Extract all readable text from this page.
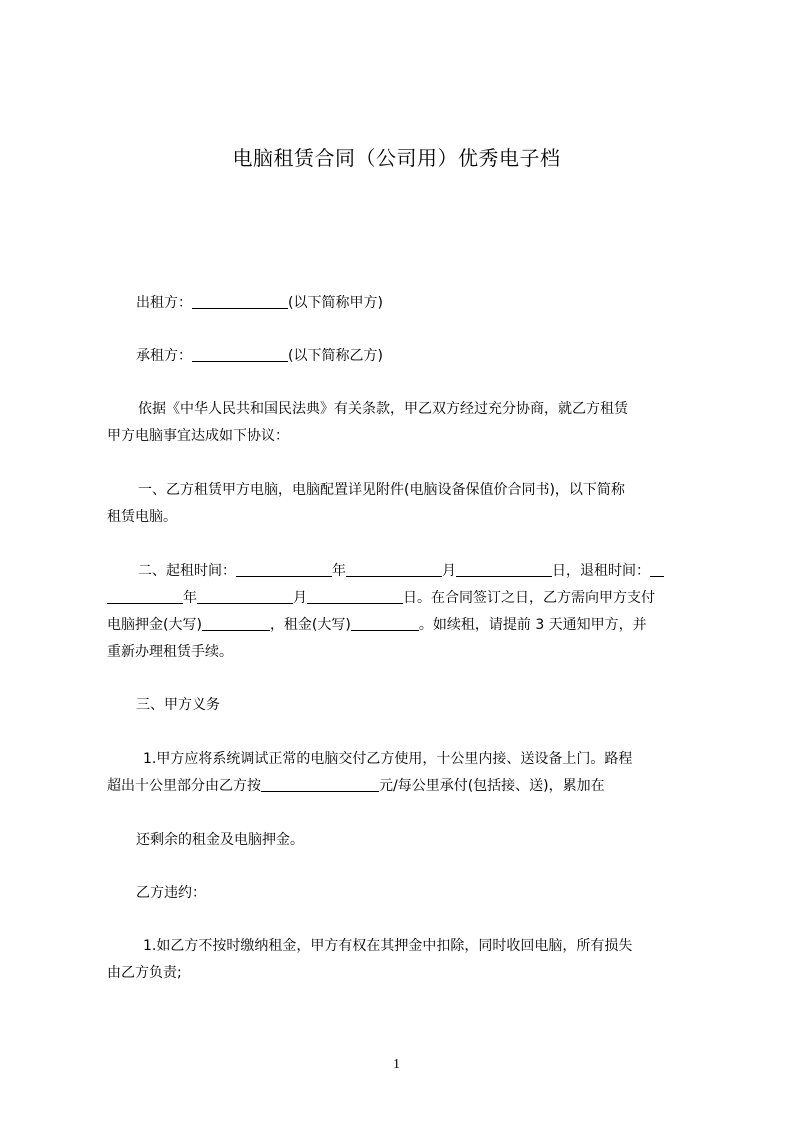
电脑租赁合同（公司用）优秀电子档
出租方：	(以下简称甲方)
承租方：	(以下简称乙方)
依据《中华人民共和国民法典》有关条款，甲乙双方经过充分协商，就乙方租赁
甲方电脑事宜达成如下协议：
一、乙方租赁甲方电脑，电脑配置详见附件(电脑设备保值价合同书)，以下简称
租赁电脑。
二、起租时间：	年	月	日，退租时间：
年	月	日。在合同签订之日，乙方需向甲方支付
电脑押金(大写)	，租金(大写)	。如续租，请提前 3 天通知甲方，并
重新办理租赁手续。
三、甲方义务
1.甲方应将系统调试正常的电脑交付乙方使用，十公里内接、送设备上门。路程
超出十公里部分由乙方按	元/每公里承付(包括接、送)，累加在
还剩余的租金及电脑押金。
乙方违约：
1.如乙方不按时缴纳租金，甲方有权在其押金中扣除，同时收回电脑，所有损失
由乙方负责;
1
